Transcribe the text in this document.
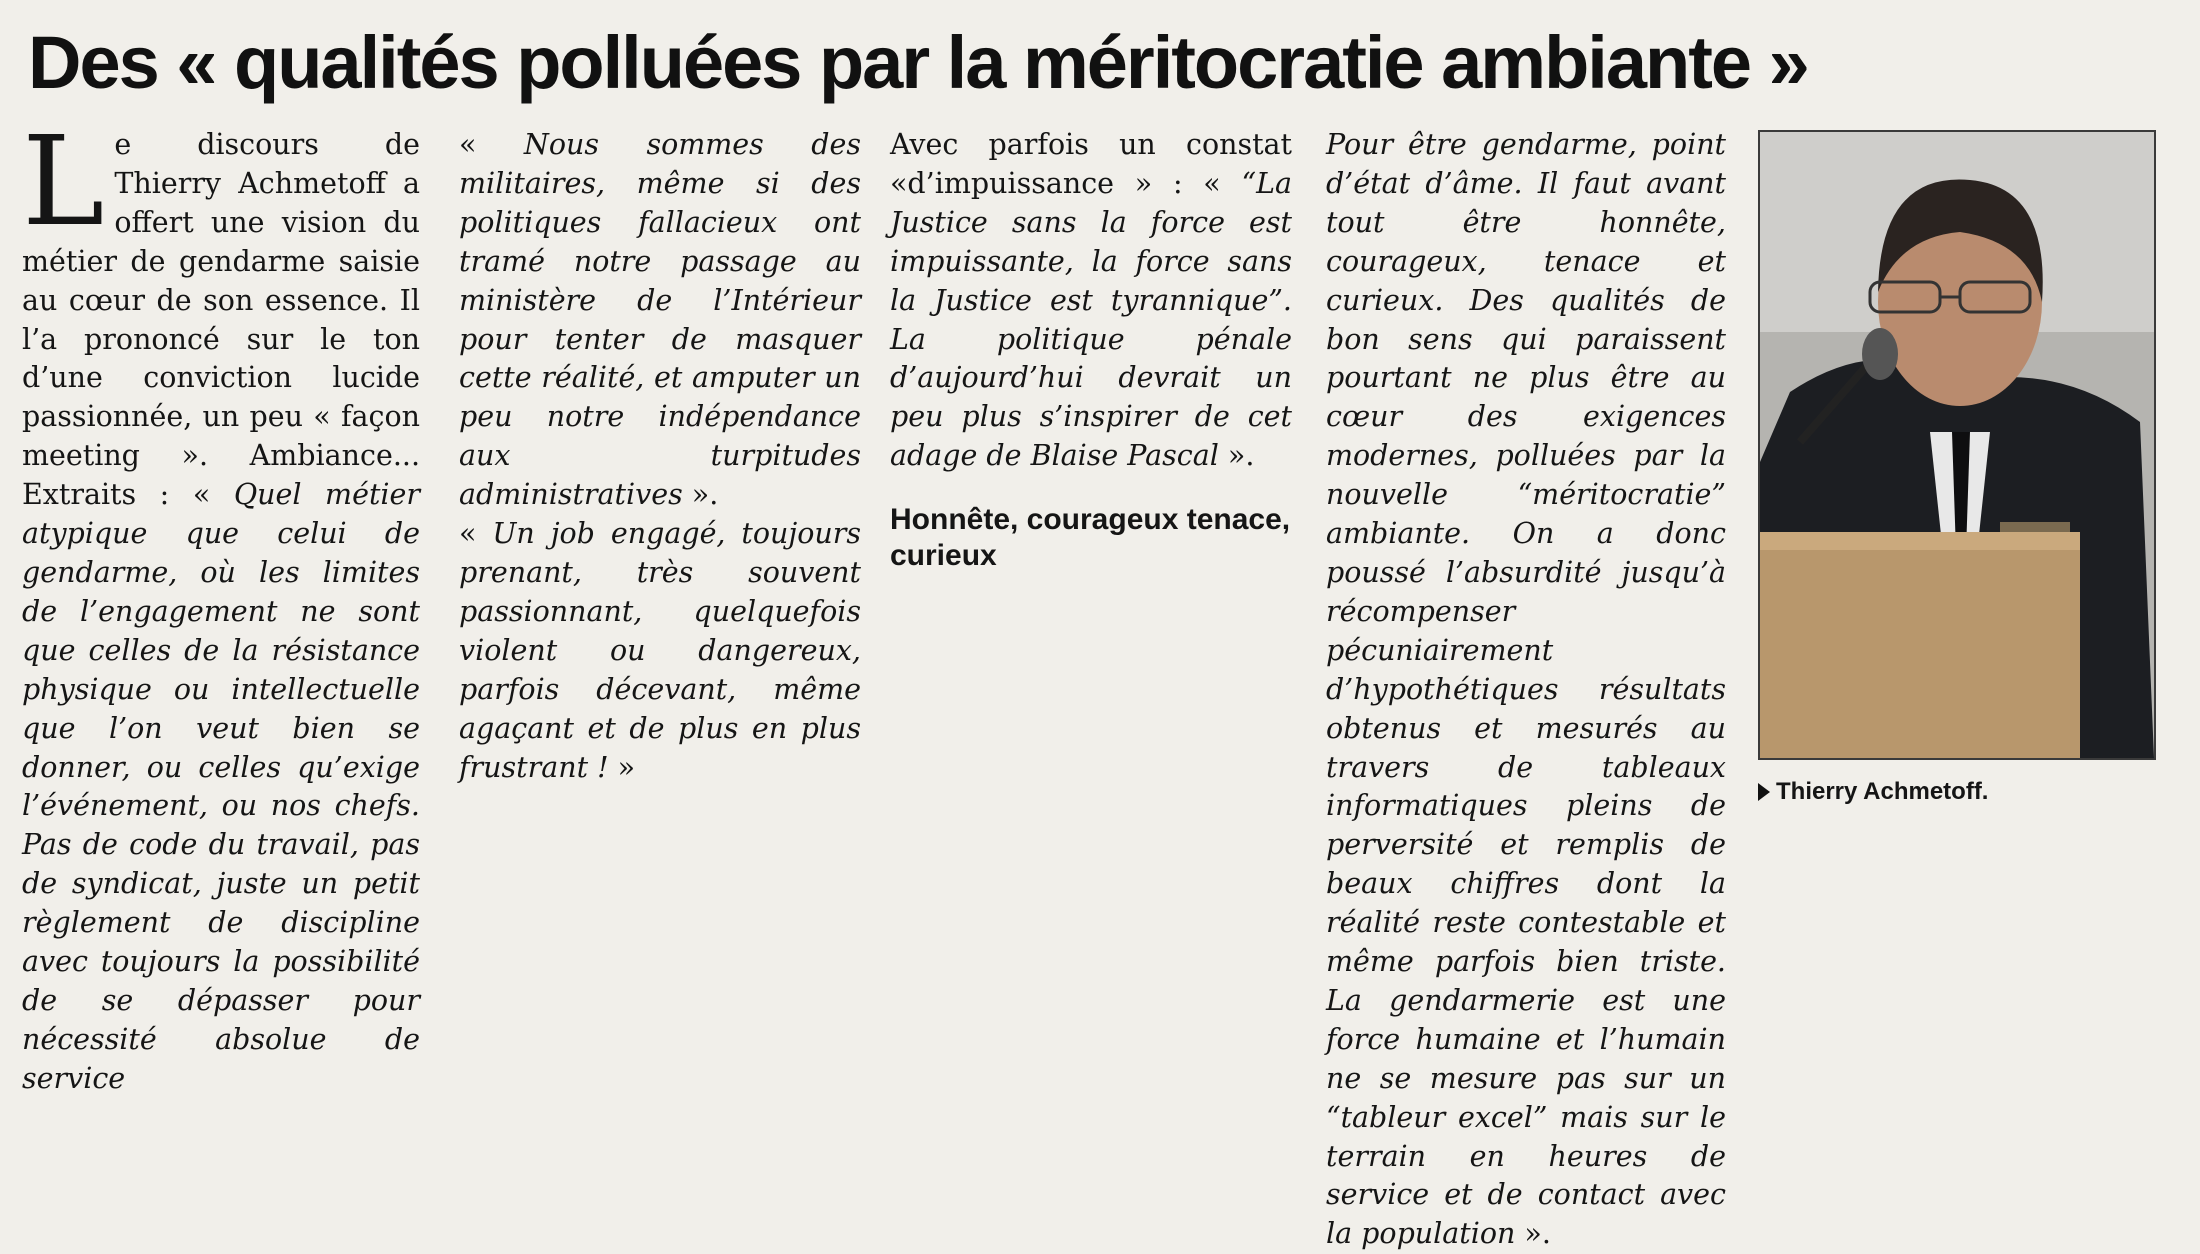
Des « qualités polluées par la méritocratie ambiante »

Le discours de Thierry Achmetoff a offert une vision du métier de gendarme saisie au cœur de son essence. Il l’a prononcé sur le ton d’une conviction lucide passionnée, un peu « façon meeting ». Ambiance... Extraits : « Quel métier atypique que celui de gendarme, où les limites de l’engagement ne sont que celles de la résistance physique ou intellectuelle que l’on veut bien se donner, ou celles qu’exige l’événement, ou nos chefs. Pas de code du travail, pas de syndicat, juste un petit règlement de discipline avec toujours la possibilité de se dépasser pour nécessité absolue de service

« Nous sommes des militaires, même si des politiques fallacieux ont tramé notre passage au ministère de l’Intérieur pour tenter de masquer cette réalité, et amputer un peu notre indépendance aux turpitudes administratives ».

« Un job engagé, toujours prenant, très souvent passionnant, quelquefois violent ou dangereux, parfois décevant, même agaçant et de plus en plus frustrant ! »

Avec parfois un constat «d’impuissance » : « “La Justice sans la force est impuissante, la force sans la Justice est tyrannique”. La politique pénale d’aujourd’hui devrait un peu plus s’inspirer de cet adage de Blaise Pascal ».

Honnête, courageux tenace, curieux

Pour être gendarme, point d’état d’âme. Il faut avant tout être honnête, courageux, tenace et curieux. Des qualités de bon sens qui paraissent pourtant ne plus être au cœur des exigences modernes, polluées par la nouvelle “méritocratie” ambiante. On a donc poussé l’absurdité jusqu’à récompenser pécuniairement d’hypothétiques résultats obtenus et mesurés au travers de tableaux informatiques pleins de perversité et remplis de beaux chiffres dont la réalité reste contestable et même parfois bien triste. La gendarmerie est une force humaine et l’humain ne se mesure pas sur un “tableur excel” mais sur le terrain en heures de service et de contact avec la population ».

Thierry Achmetoff.
